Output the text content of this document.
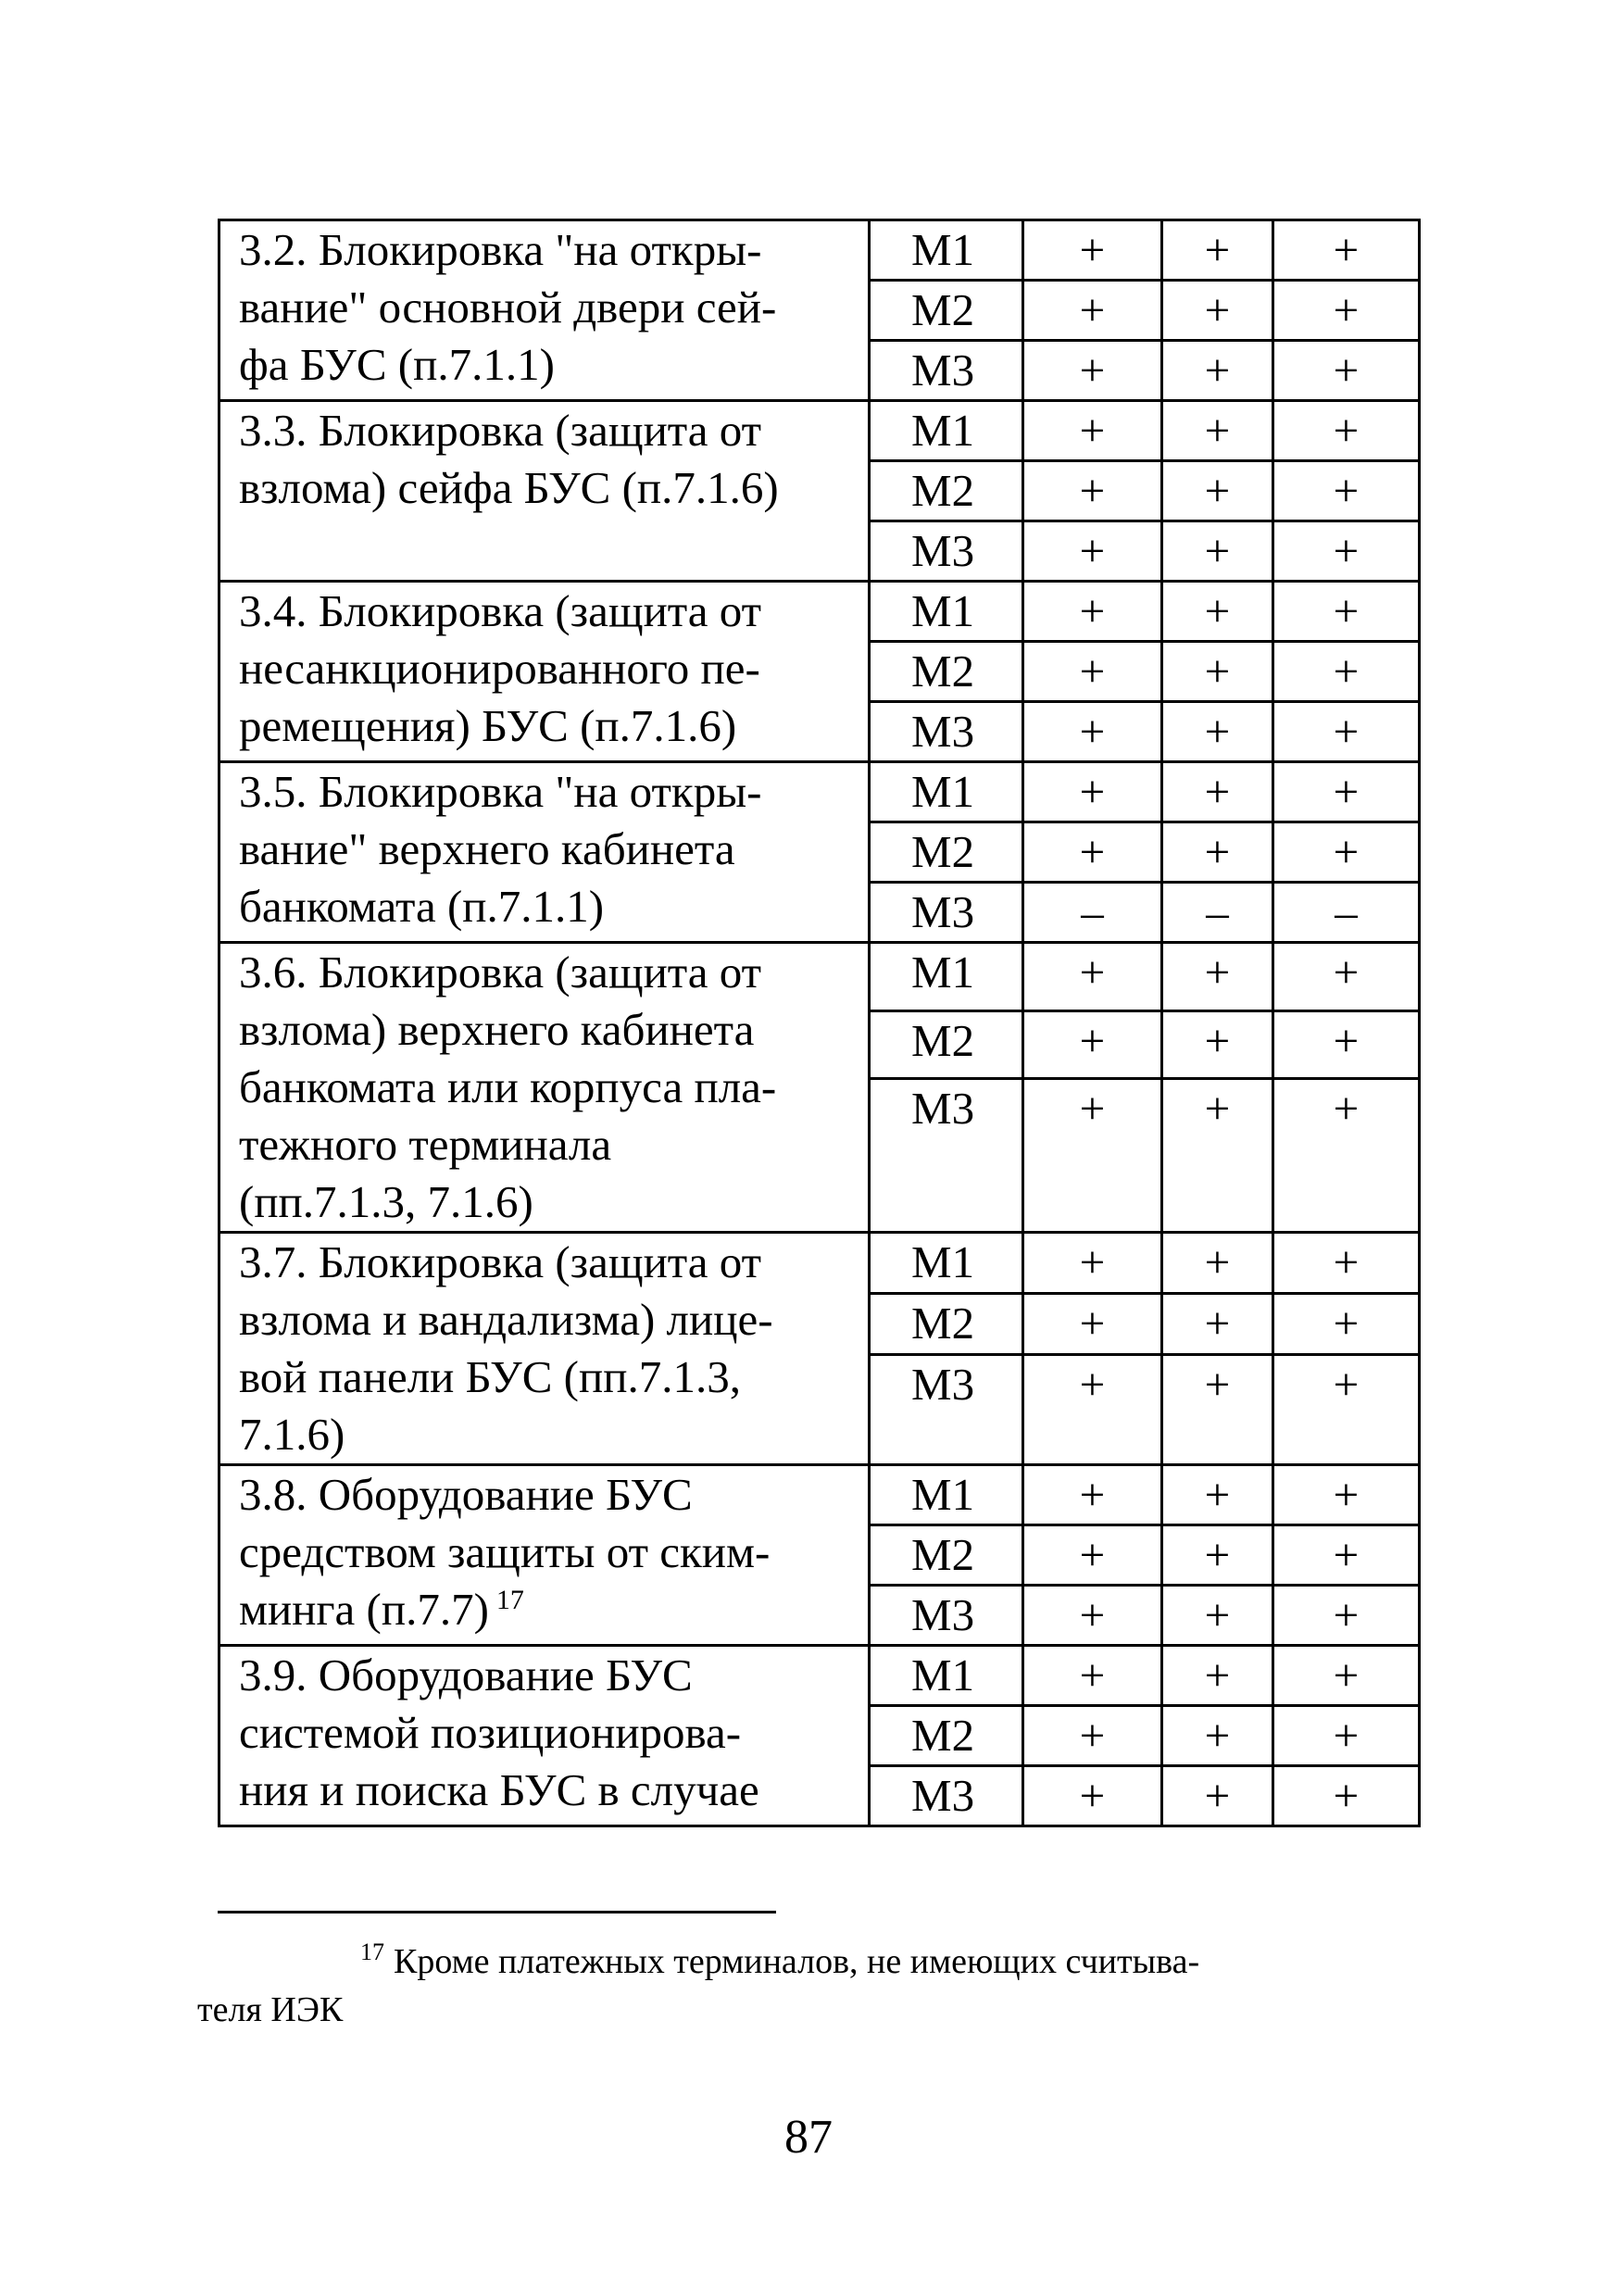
3.2. Блокировка "на откры-
вание" основной двери сей-
фа БУС (п.7.1.1)	М1	+	+	+
	М2	+	+	+
	М3	+	+	+
3.3. Блокировка (защита от
взлома) сейфа БУС (п.7.1.6)	М1	+	+	+
	М2	+	+	+
	М3	+	+	+
3.4. Блокировка (защита от
несанкционированного пе-
ремещения) БУС (п.7.1.6)	М1	+	+	+
	М2	+	+	+
	М3	+	+	+
3.5. Блокировка "на откры-
вание" верхнего кабинета
банкомата (п.7.1.1)	М1	+	+	+
	М2	+	+	+
	М3	–	–	–
3.6. Блокировка (защита от
взлома) верхнего кабинета
банкомата или корпуса пла-
тежного терминала
(пп.7.1.3, 7.1.6)	М1	+	+	+
	М2	+	+	+
	М3	+	+	+
3.7. Блокировка (защита от
взлома и вандализма) лице-
вой панели БУС (пп.7.1.3,
7.1.6)	М1	+	+	+
	М2	+	+	+
	М3	+	+	+
3.8. Оборудование БУС
средством защиты от ским-
минга (п.7.7) $^{17}$	М1	+	+	+
	М2	+	+	+
	М3	+	+	+
3.9. Оборудование БУС
системой позиционирова-
ния и поиска БУС в случае	М1	+	+	+
	М2	+	+	+
	М3	+	+	+
$^{17}$ Кроме платежных терминалов, не имеющих считыва-
теля ИЭК
87
